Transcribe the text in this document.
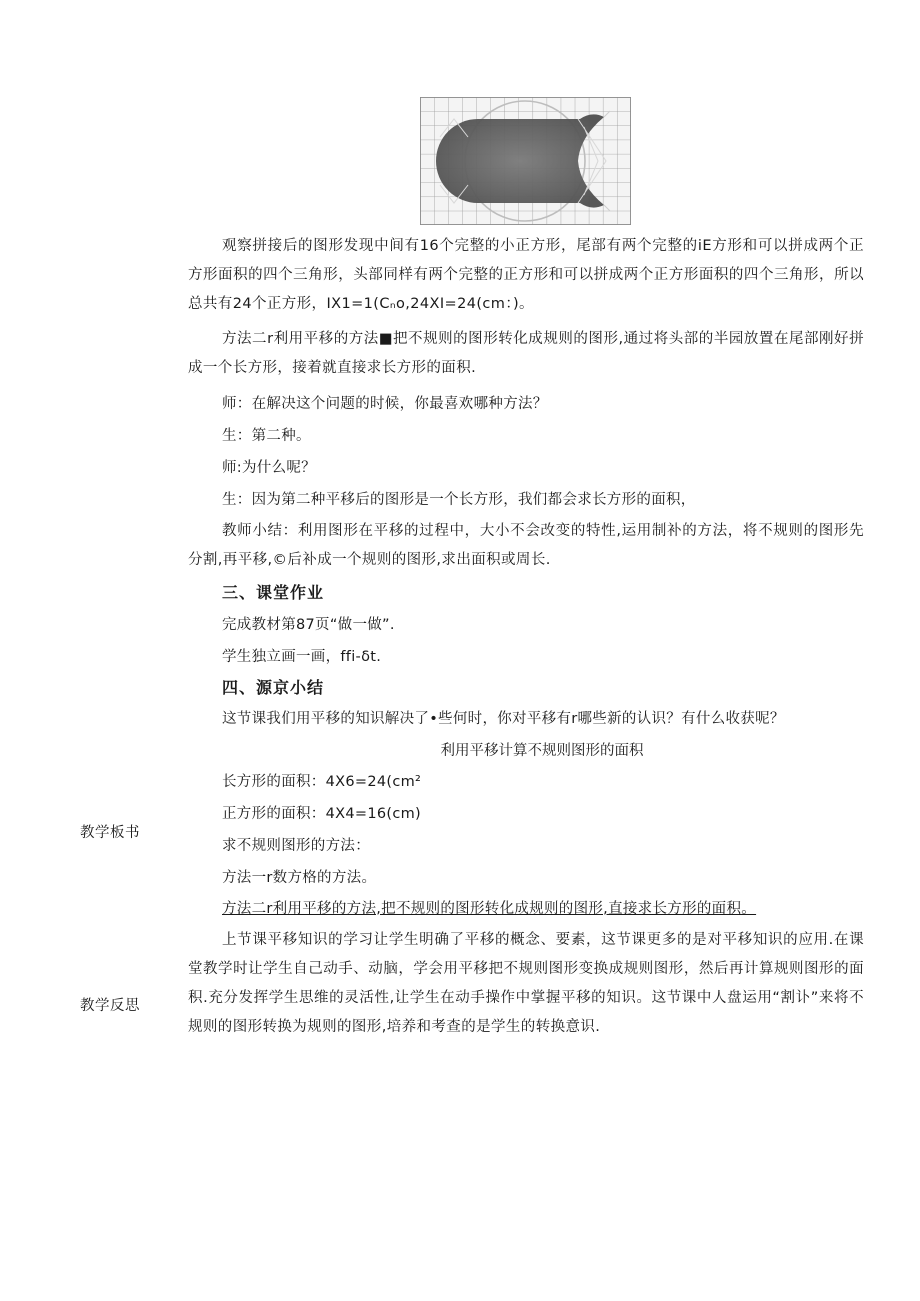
观察拼接后的图形发现中间有16个完整的小正方形，尾部有两个完整的iE方形和可以拼成两个正方形面积的四个三角形，头部同样有两个完整的正方形和可以拼成两个正方形面积的四个三角形，所以总共有24个正方形，IX1=1(Cₙo,24XI=24(cm：)。

方法二r利用平移的方法■把不规则的图形转化成规则的图形,通过将头部的半园放置在尾部刚好拼成一个长方形，接着就直接求长方形的面积.

师：在解决这个问题的时候，你最喜欢哪种方法？

生：第二种。

师:为什么呢？

生：因为第二种平移后的图形是一个长方形，我们都会求长方形的面积，

教师小结：利用图形在平移的过程中，大小不会改变的特性,运用制补的方法，将不规则的图形先分割,再平移,©后补成一个规则的图形,求出面积或周长.

三、课堂作业

完成教材第87页“做一做”.

学生独立画一画，ffi-δt.

四、源京小结

这节课我们用平移的知识解决了•些何时，你对平移有r哪些新的认识？有什么收获呢？

利用平移计算不规则图形的面积

长方形的面积：4X6=24(cm²

正方形的面积：4X4=16(cm)

教学板书

求不规则图形的方法：

方法一r数方格的方法。

方法二r利用平移的方法,把不规则的图形转化成规则的图形,直接求长方形的面积。

上节课平移知识的学习让学生明确了平移的概念、要素，这节课更多的是对平移知识的应用.在课堂教学时让学生自己动手、动脑，学会用平移把不规则图形变换成规则图形，然后再计算规则图形的面积.充分发挥学生思维的灵活性,让学生在动手操作中掌握平移的知识。这节课中人盘运用“割讣”来将不规则的图形转换为规则的图形,培养和考查的是学生的转换意识.

教学反思
